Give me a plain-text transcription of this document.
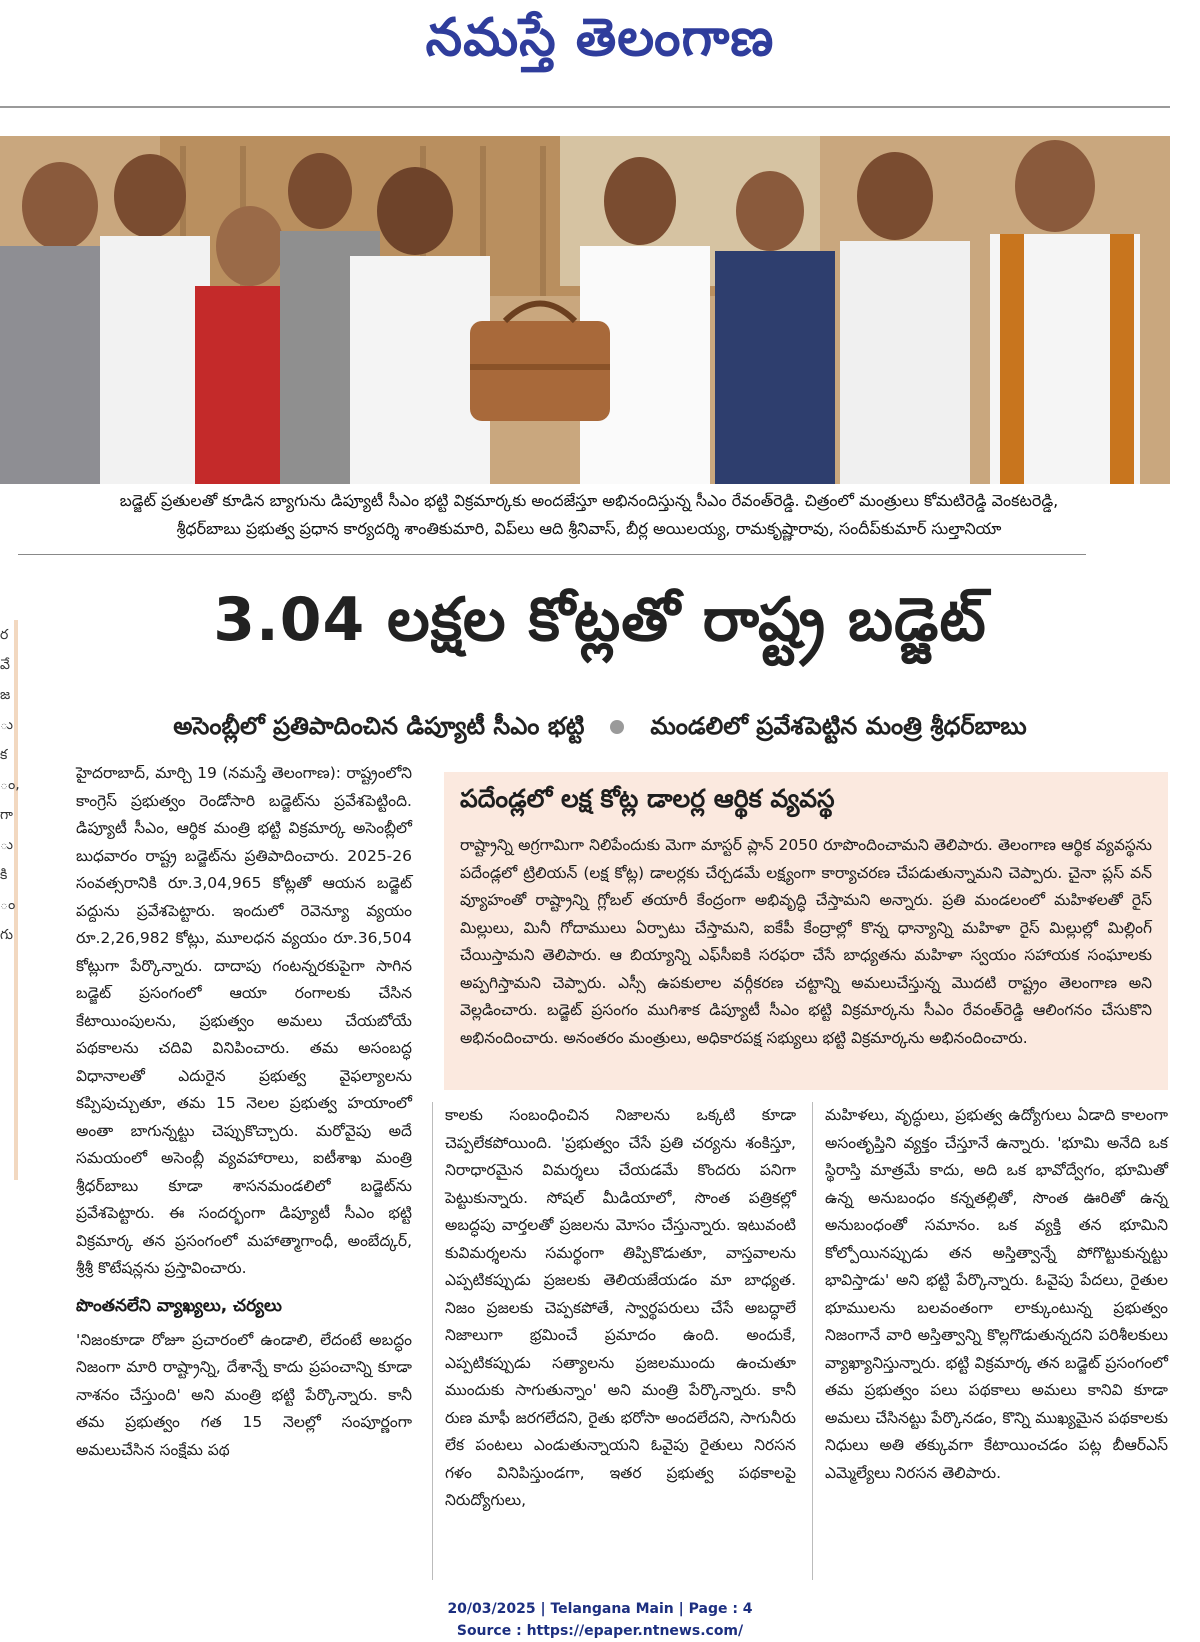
నమస్తే తెలంగాణ
బడ్జెట్ ప్రతులతో కూడిన బ్యాగును డిప్యూటీ సీఎం భట్టి విక్రమార్కకు అందజేస్తూ అభినందిస్తున్న సీఎం రేవంత్‌రెడ్డి. చిత్రంలో మంత్రులు కోమటిరెడ్డి వెంకటరెడ్డి,
శ్రీధర్‌బాబు ప్రభుత్వ ప్రధాన కార్యదర్శి శాంతికుమారి, విప్‌లు ఆది శ్రీనివాస్, బీర్ల అయిలయ్య, రామకృష్ణారావు, సందీప్‌కుమార్ సుల్తానియా
3.04 లక్షల కోట్లతో రాష్ట్ర బడ్జెట్
అసెంబ్లీలో ప్రతిపాదించిన డిప్యూటీ సీఎం భట్టి	మండలిలో ప్రవేశపెట్టిన మంత్రి శ్రీధర్‌బాబు
ర
వే
జ
ు
క
ం,
గా
ు
కి
ం
గు

హైదరాబాద్, మార్చి 19 (నమస్తే తెలంగాణ): రాష్ట్రంలోని కాంగ్రెస్ ప్రభుత్వం రెండోసారి బడ్జెట్‌ను ప్రవేశపెట్టింది. డిప్యూటీ సీఎం, ఆర్థిక మంత్రి భట్టి విక్రమార్క అసెంబ్లీలో బుధవారం రాష్ట్ర బడ్జెట్‌ను ప్రతిపాదించారు. 2025-26 సంవత్సరానికి రూ.3,04,965 కోట్లతో ఆయన బడ్జెట్ పద్దును ప్రవేశపెట్టారు. ఇందులో రెవెన్యూ వ్యయం రూ.2,26,982 కోట్లు, మూలధన వ్యయం రూ.36,504 కోట్లుగా పేర్కొన్నారు. దాదాపు గంటన్నరకుపైగా సాగిన బడ్జెట్ ప్రసంగంలో ఆయా రంగాలకు చేసిన కేటాయింపులను, ప్రభుత్వం అమలు చేయబోయే పథకాలను చదివి వినిపించారు. తమ అసంబద్ధ విధానాలతో ఎదురైన ప్రభుత్వ వైఫల్యాలను కప్పిపుచ్చుతూ, తమ 15 నెలల ప్రభుత్వ హయాంలో అంతా బాగున్నట్టు చెప్పుకొచ్చారు. మరోవైపు అదే సమయంలో అసెంబ్లీ వ్యవహారాలు, ఐటీశాఖ మంత్రి శ్రీధర్‌బాబు కూడా శాసనమండలిలో బడ్జెట్‌ను ప్రవేశపెట్టారు. ఈ సందర్భంగా డిప్యూటీ సీఎం భట్టి విక్రమార్క తన ప్రసంగంలో మహాత్మాగాంధీ, అంబేద్కర్, శ్రీశ్రీ కొటేషన్లను ప్రస్తావించారు.

పొంతనలేని వ్యాఖ్యలు, చర్యలు

'నిజంకూడా రోజూ ప్రచారంలో ఉండాలి, లేదంటే అబద్ధం నిజంగా మారి రాష్ట్రాన్ని, దేశాన్నే కాదు ప్రపంచాన్ని కూడా నాశనం చేస్తుంది' అని మంత్రి భట్టి పేర్కొన్నారు. కానీ తమ ప్రభుత్వం గత 15 నెలల్లో సంపూర్ణంగా అమలుచేసిన సంక్షేమ పథ

పదేండ్లలో లక్ష కోట్ల డాలర్ల ఆర్థిక వ్యవస్థ
రాష్ట్రాన్ని అగ్రగామిగా నిలిపేందుకు మెగా మాస్టర్ ప్లాన్ 2050 రూపొందించామని తెలిపారు. తెలంగాణ ఆర్థిక వ్యవస్థను పదేండ్లలో ట్రిలియన్ (లక్ష కోట్ల) డాలర్లకు చేర్చడమే లక్ష్యంగా కార్యాచరణ చేపడుతున్నామని చెప్పారు. చైనా ప్లస్ వన్ వ్యూహంతో రాష్ట్రాన్ని గ్లోబల్ తయారీ కేంద్రంగా అభివృద్ధి చేస్తామని అన్నారు. ప్రతి మండలంలో మహిళలతో రైస్ మిల్లులు, మినీ గోదాములు ఏర్పాటు చేస్తామని, ఐకేపీ కేంద్రాల్లో కొన్న ధాన్యాన్ని మహిళా రైస్ మిల్లుల్లో మిల్లింగ్ చేయిస్తామని తెలిపారు. ఆ బియ్యాన్ని ఎఫ్‌సీఐకి సరఫరా చేసే బాధ్యతను మహిళా స్వయం సహాయక సంఘాలకు అప్పగిస్తామని చెప్పారు. ఎస్సీ ఉపకులాల వర్గీకరణ చట్టాన్ని అమలుచేస్తున్న మొదటి రాష్ట్రం తెలంగాణ అని వెల్లడించారు. బడ్జెట్ ప్రసంగం ముగిశాక డిప్యూటీ సీఎం భట్టి విక్రమార్కను సీఎం రేవంత్‌రెడ్డి ఆలింగనం చేసుకొని అభినందించారు. అనంతరం మంత్రులు, అధికారపక్ష సభ్యులు భట్టి విక్రమార్కను అభినందించారు.

కాలకు సంబంధించిన నిజాలను ఒక్కటి కూడా చెప్పలేకపోయింది. 'ప్రభుత్వం చేసే ప్రతి చర్యను శంకిస్తూ, నిరాధారమైన విమర్శలు చేయడమే కొందరు పనిగా పెట్టుకున్నారు. సోషల్ మీడియాలో, సొంత పత్రికల్లో అబద్ధపు వార్తలతో ప్రజలను మోసం చేస్తున్నారు. ఇటువంటి కువిమర్శలను సమర్థంగా తిప్పికొడుతూ, వాస్తవాలను ఎప్పటికప్పుడు ప్రజలకు తెలియజేయడం మా బాధ్యత. నిజం ప్రజలకు చెప్పకపోతే, స్వార్థపరులు చేసే అబద్ధాలే నిజాలుగా భ్రమించే ప్రమాదం ఉంది. అందుకే, ఎప్పటికప్పుడు సత్యాలను ప్రజలముందు ఉంచుతూ ముందుకు సాగుతున్నాం' అని మంత్రి పేర్కొన్నారు. కానీ రుణ మాఫీ జరగలేదని, రైతు భరోసా అందలేదని, సాగునీరు లేక పంటలు ఎండుతున్నాయని ఓవైపు రైతులు నిరసన గళం వినిపిస్తుండగా, ఇతర ప్రభుత్వ పథకాలపై నిరుద్యోగులు,

మహిళలు, వృద్ధులు, ప్రభుత్వ ఉద్యోగులు ఏడాది కాలంగా అసంతృప్తిని వ్యక్తం చేస్తూనే ఉన్నారు. 'భూమి అనేది ఒక స్థిరాస్తి మాత్రమే కాదు, అది ఒక భావోద్వేగం, భూమితో ఉన్న అనుబంధం కన్నతల్లితో, సొంత ఊరితో ఉన్న అనుబంధంతో సమానం. ఒక వ్యక్తి తన భూమిని కోల్పోయినప్పుడు తన అస్తిత్వాన్నే పోగొట్టుకున్నట్టు భావిస్తాడు' అని భట్టి పేర్కొన్నారు. ఓవైపు పేదలు, రైతుల భూములను బలవంతంగా లాక్కుంటున్న ప్రభుత్వం నిజంగానే వారి అస్తిత్వాన్ని కొల్లగొడుతున్నదని పరిశీలకులు వ్యాఖ్యానిస్తున్నారు. భట్టి విక్రమార్క తన బడ్జెట్ ప్రసంగంలో తమ ప్రభుత్వం పలు పథకాలు అమలు కానివి కూడా అమలు చేసినట్టు పేర్కొనడం, కొన్ని ముఖ్యమైన పథకాలకు నిధులు అతి తక్కువగా కేటాయించడం పట్ల బీఆర్ఎస్ ఎమ్మెల్యేలు నిరసన తెలిపారు.

20/03/2025 | Telangana Main | Page : 4
Source : https://epaper.ntnews.com/
